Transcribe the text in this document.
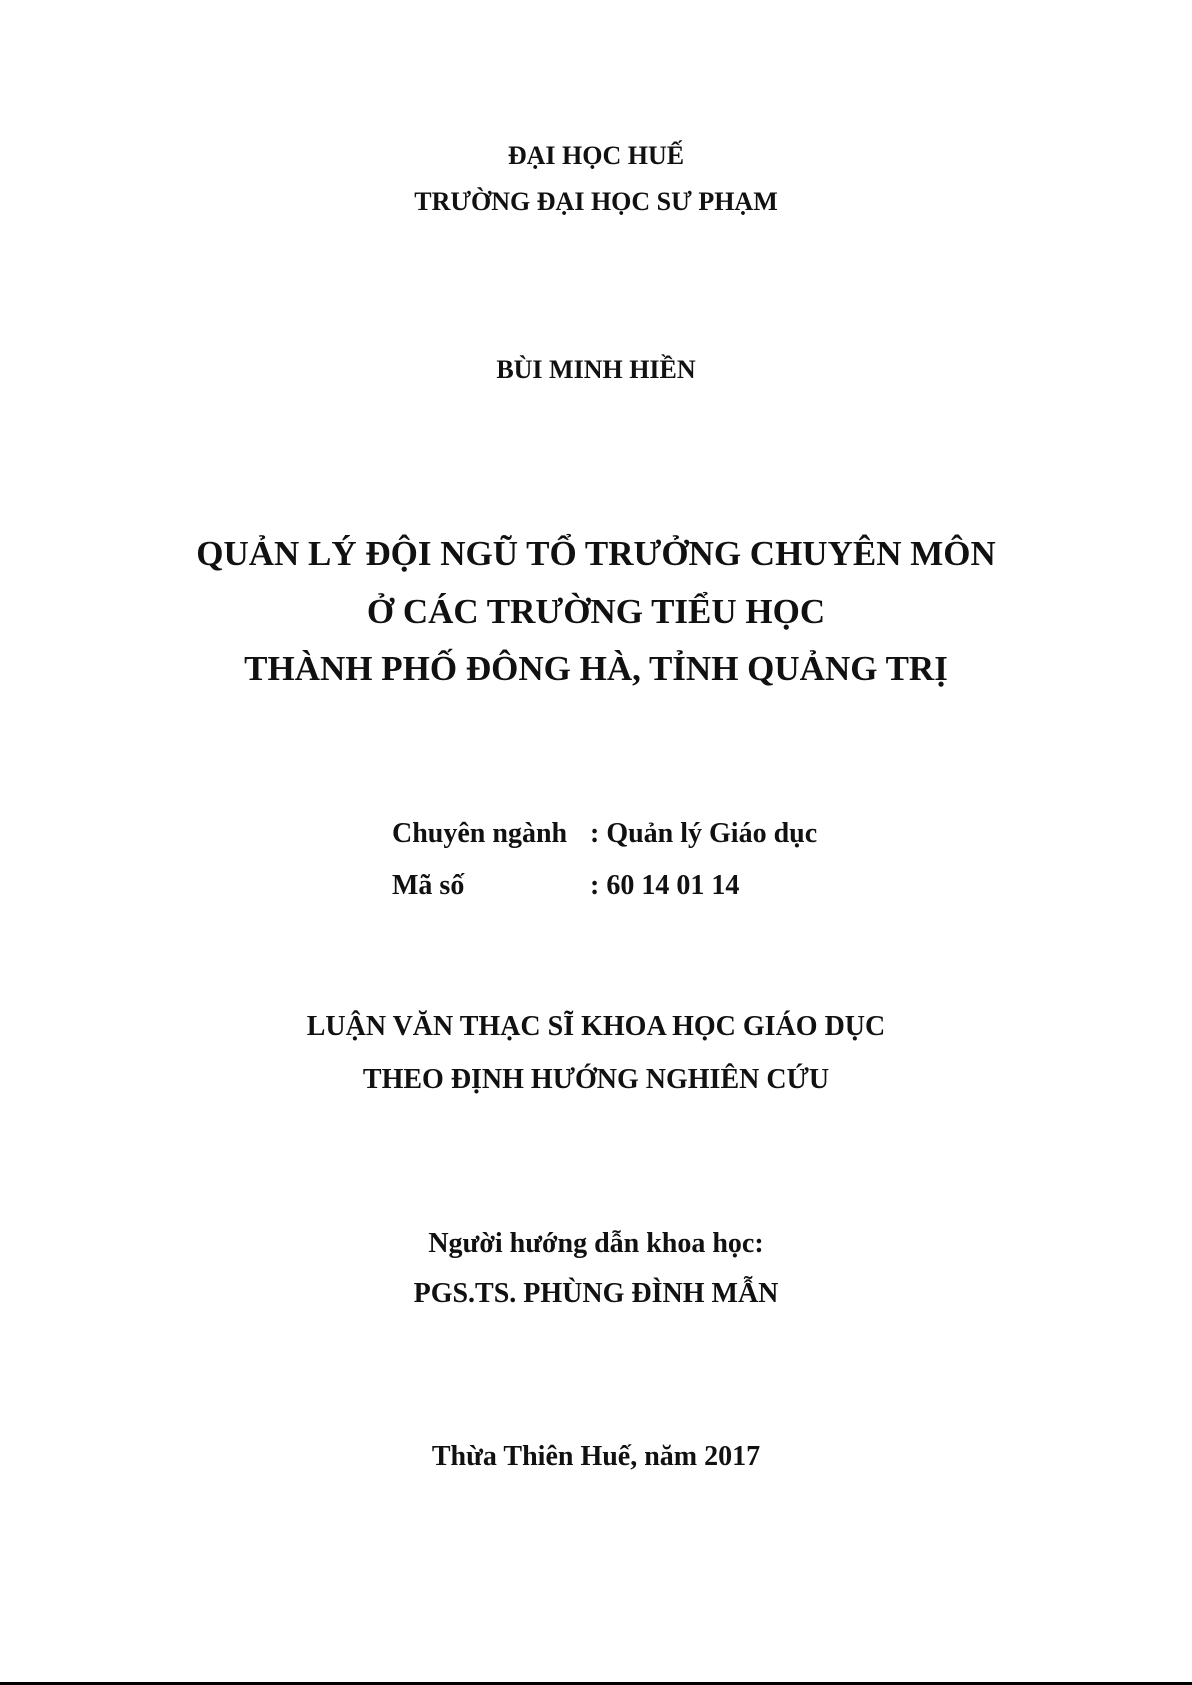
ĐẠI HỌC HUẾ
TRƯỜNG ĐẠI HỌC SƯ PHẠM
BÙI MINH HIỀN
QUẢN LÝ ĐỘI NGŨ TỔ TRƯỞNG CHUYÊN MÔN
Ở CÁC TRƯỜNG TIỂU HỌC
THÀNH PHỐ ĐÔNG HÀ, TỈNH QUẢNG TRỊ
Chuyên ngành : Quản lý Giáo dục
Mã số	: 60 14 01 14
LUẬN VĂN THẠC SĨ KHOA HỌC GIÁO DỤC
THEO ĐỊNH HƯỚNG NGHIÊN CỨU
Người hướng dẫn khoa học:
PGS.TS. PHÙNG ĐÌNH MẪN
Thừa Thiên Huế, năm 2017
